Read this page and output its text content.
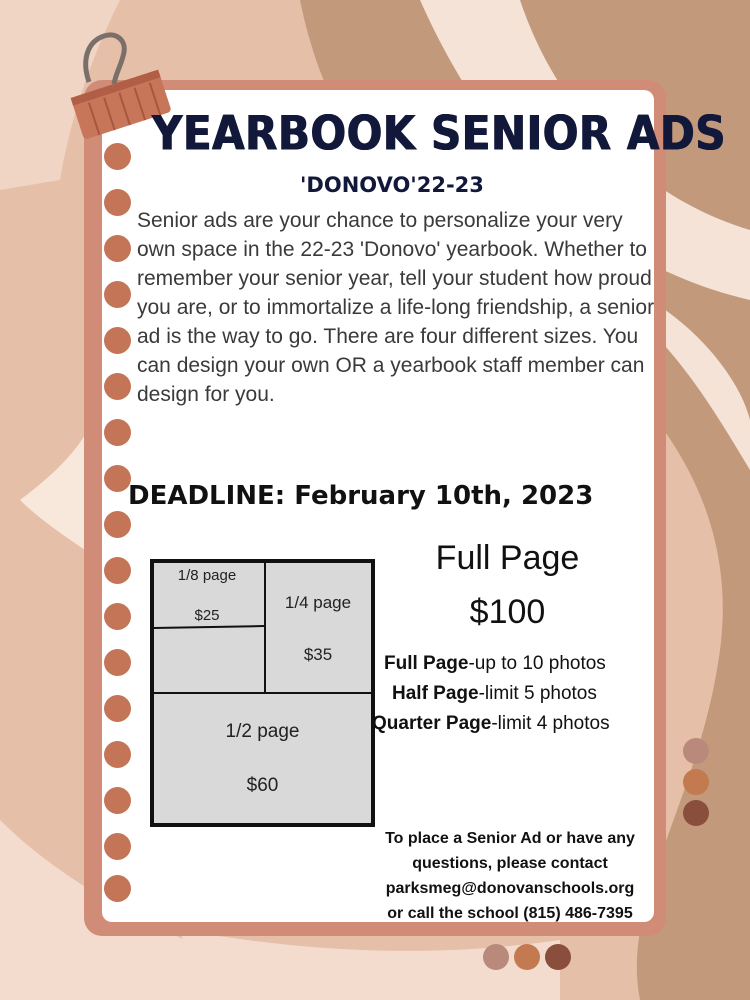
YEARBOOK SENIOR ADS
'DONOVO'22-23
Senior ads are your chance to personalize your very own space in the 22-23 'Donovo' yearbook. Whether to remember your senior year, tell your student how proud you are, or to immortalize a life-long friendship, a senior ad is the way to go. There are four different sizes. You can design your own OR a yearbook staff member can design for you.
DEADLINE: February 10th, 2023
1/8 page
$25
1/4 page
$35
1/2 page
$60
Full Page
$100
Full Page-up to 10 photos
Half Page-limit 5 photos
Quarter Page-limit 4 photos
To place a Senior Ad or have any
questions, please contact
parksmeg@donovanschools.org
or call the school (815) 486-7395
